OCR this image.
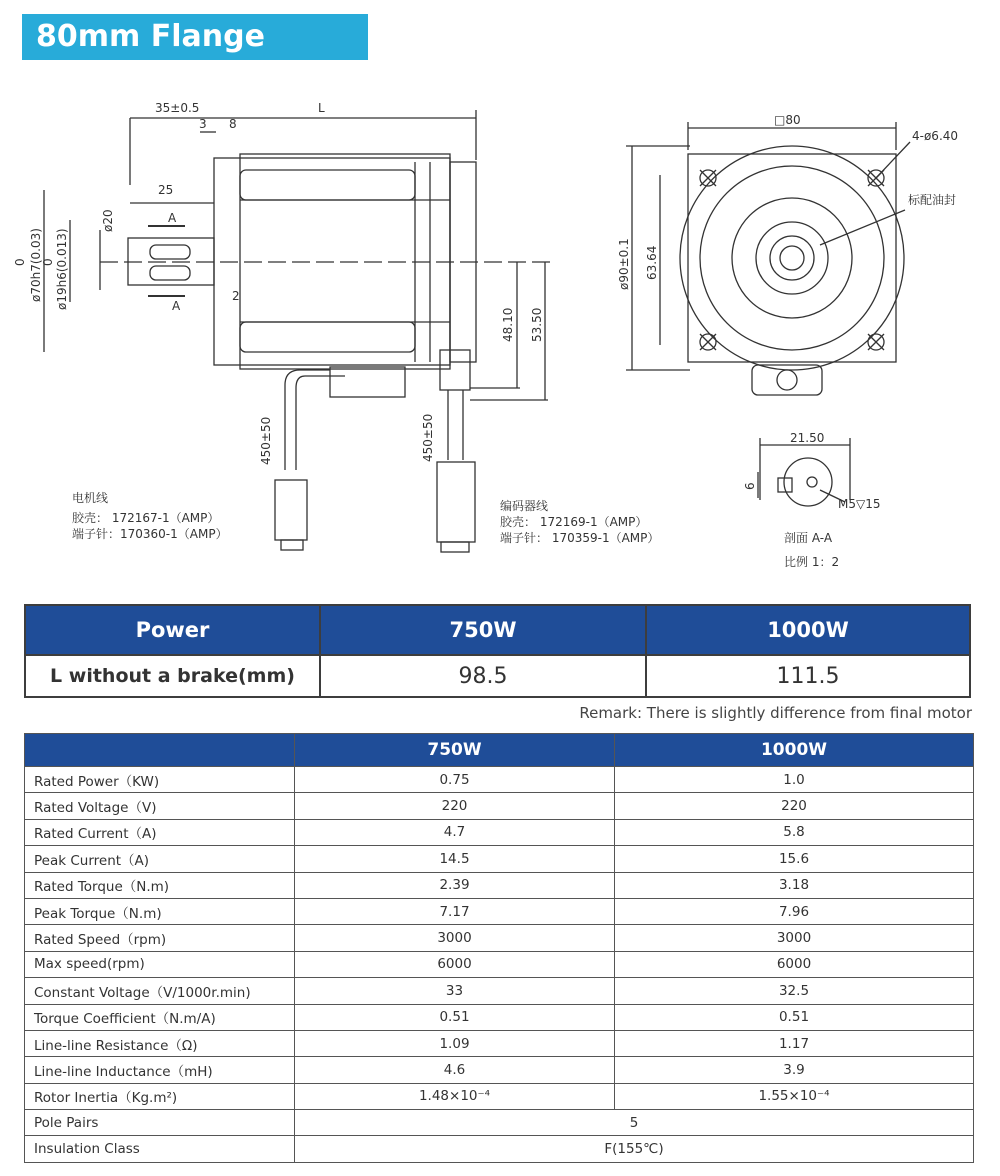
80mm Flange Motor
35±0.5	L
3 8
25
ø20	A
A
2
ø70h7(0.03)
0 ø19h6(0.013)
0
48.10 53.50
□80
4-ø6.40
标配油封
ø90±0.1 63.64
450±50	450±50	21.50
6
M5▽15
电机线
胶壳： 172167-1（AMP）
端子针：170360-1（AMP）
编码器线
胶壳： 172169-1（AMP）
端子针： 170359-1（AMP）	剖面 A-A
比例 1：2
Power	750W	1000W
L without a brake(mm)	98.5	111.5
Remark: There is slightly difference from final motor
	750W	1000W
Rated Power（KW)	0.75	1.0
Rated Voltage（V)	220	220
Rated Current（A)	4.7	5.8
Peak Current（A)	14.5	15.6
Rated Torque（N.m)	2.39	3.18
Peak Torque（N.m)	7.17	7.96
Rated Speed（rpm)	3000	3000
Max speed(rpm)	6000	6000
Constant Voltage（V/1000r.min)	33	32.5
Torque Coefficient（N.m/A)	0.51	0.51
Line-line Resistance（Ω)	1.09	1.17
Line-line Inductance（mH)	4.6	3.9
Rotor Inertia（Kg.m²)	1.48×10⁻⁴	1.55×10⁻⁴
Pole Pairs	5	
Insulation Class	F(155℃)	
